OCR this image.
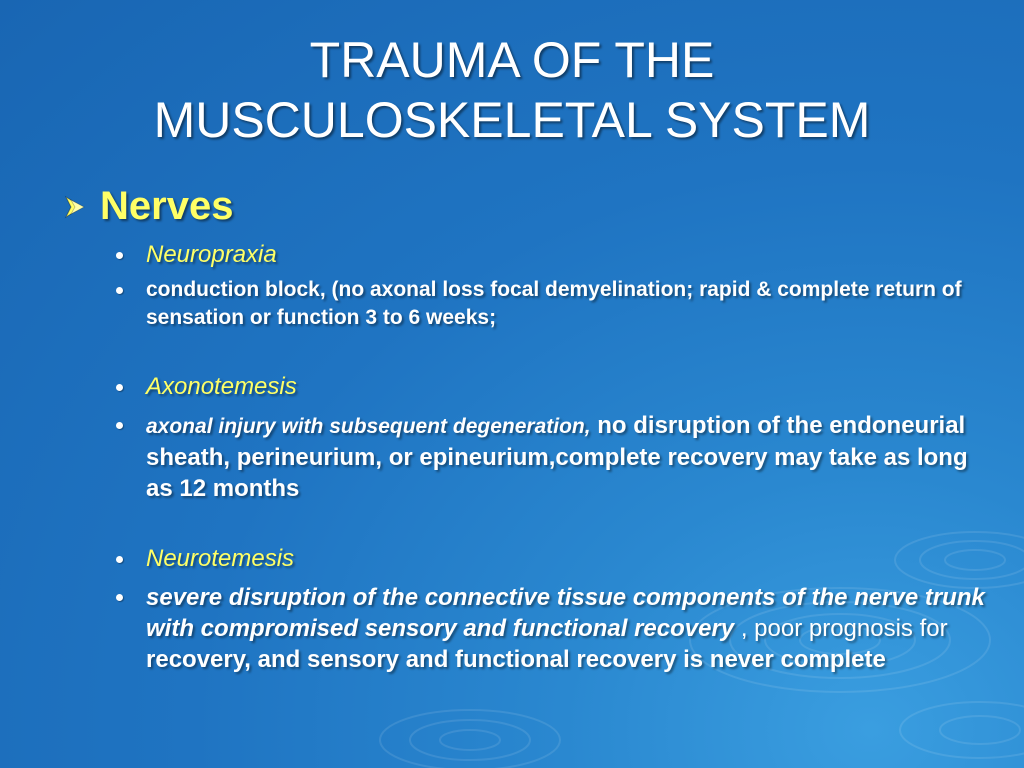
TRAUMA OF THE
MUSCULOSKELETAL SYSTEM
Nerves
Neuropraxia
conduction block, (no axonal loss focal demyelination; rapid & complete return of sensation or function 3 to 6 weeks;
Axonotemesis
axonal injury with subsequent degeneration, no disruption of the endoneurial sheath, perineurium, or epineurium,complete recovery may take as long as 12 months
Neurotemesis
severe disruption of the connective tissue components of the nerve trunk with compromised sensory and functional recovery , poor prognosis for recovery, and sensory and functional recovery is never complete
